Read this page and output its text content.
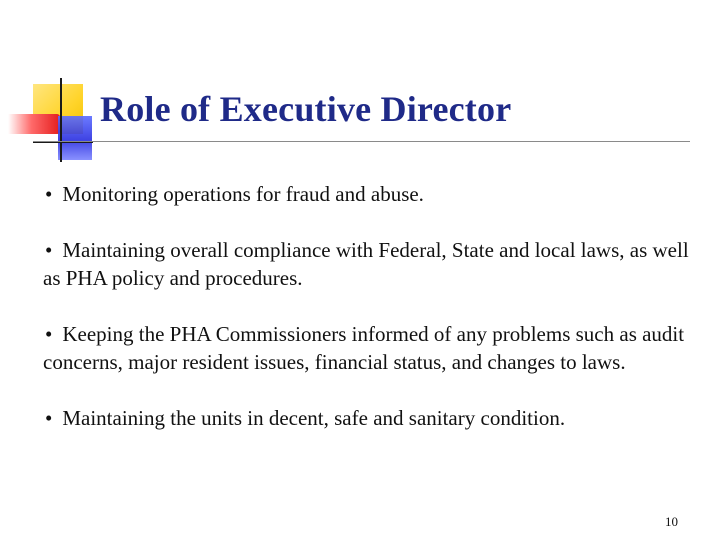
Role of Executive Director
• Monitoring operations for fraud and abuse.
• Maintaining overall compliance with Federal, State and local laws, as well as PHA policy and procedures.
• Keeping the PHA Commissioners informed of any problems such as audit concerns, major resident issues, financial status, and changes to laws.
• Maintaining the units in decent, safe and sanitary condition.
10
